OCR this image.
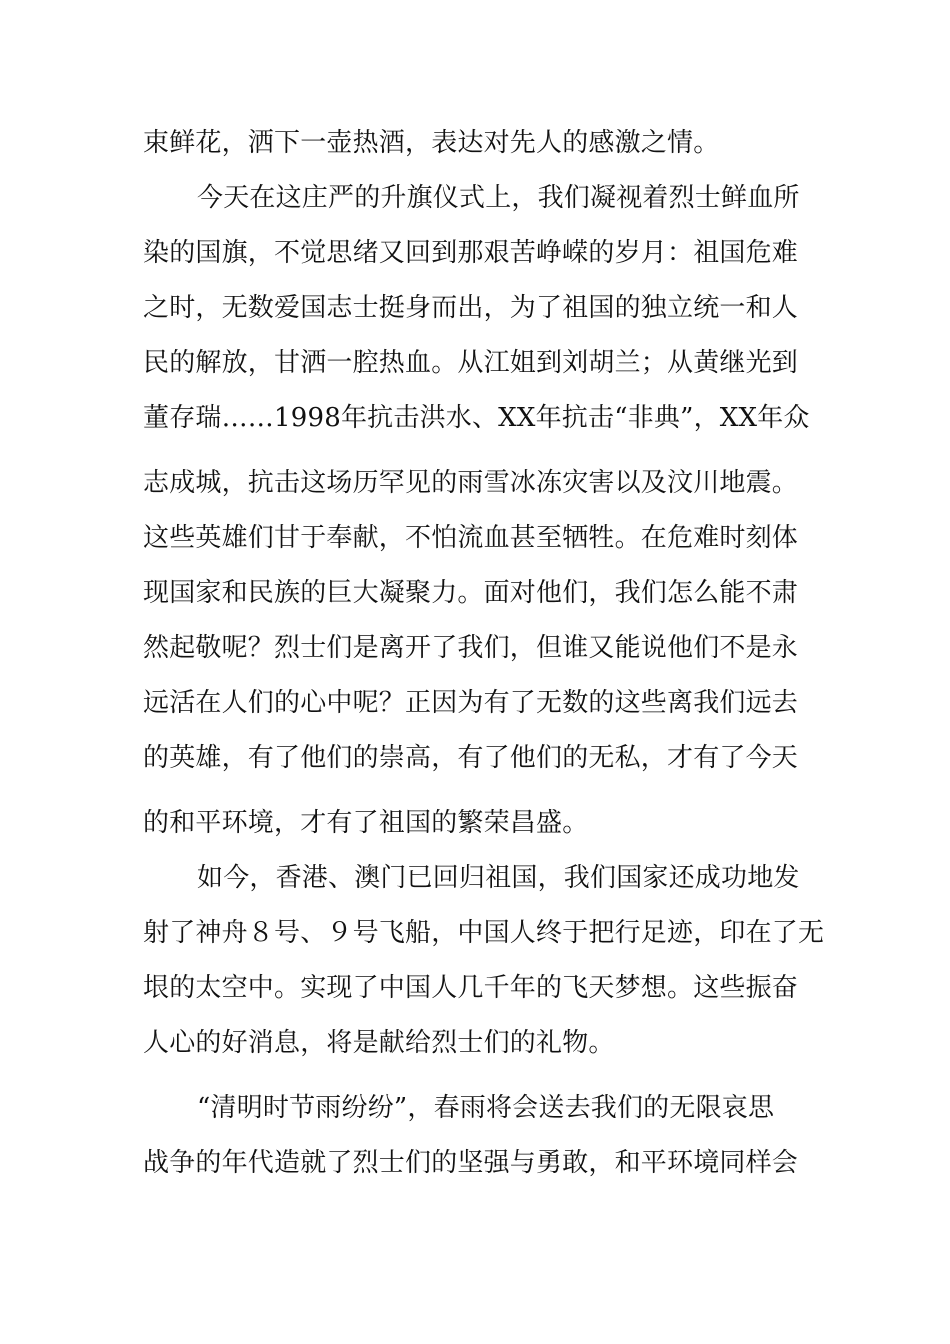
束鲜花，洒下一壶热酒，表达对先人的感激之情。
今天在这庄严的升旗仪式上，我们凝视着烈士鲜血所
染的国旗，不觉思绪又回到那艰苦峥嵘的岁月：祖国危难
之时，无数爱国志士挺身而出，为了祖国的独立统一和人
民的解放，甘洒一腔热血。从江姐到刘胡兰；从黄继光到
董存瑞……1998年抗击洪水、XX年抗击“非典”，XX年众
志成城，抗击这场历罕见的雨雪冰冻灾害以及汶川地震。
这些英雄们甘于奉献，不怕流血甚至牺牲。在危难时刻体
现国家和民族的巨大凝聚力。面对他们，我们怎么能不肃
然起敬呢？烈士们是离开了我们，但谁又能说他们不是永
远活在人们的心中呢？正因为有了无数的这些离我们远去
的英雄，有了他们的崇高，有了他们的无私，才有了今天
的和平环境，才有了祖国的繁荣昌盛。
如今，香港、澳门已回归祖国，我们国家还成功地发
射了神舟８号、９号飞船，中国人终于把行足迹，印在了无
垠的太空中。实现了中国人几千年的飞天梦想。这些振奋
人心的好消息，将是献给烈士们的礼物。
“清明时节雨纷纷”，春雨将会送去我们的无限哀思
战争的年代造就了烈士们的坚强与勇敢，和平环境同样会
